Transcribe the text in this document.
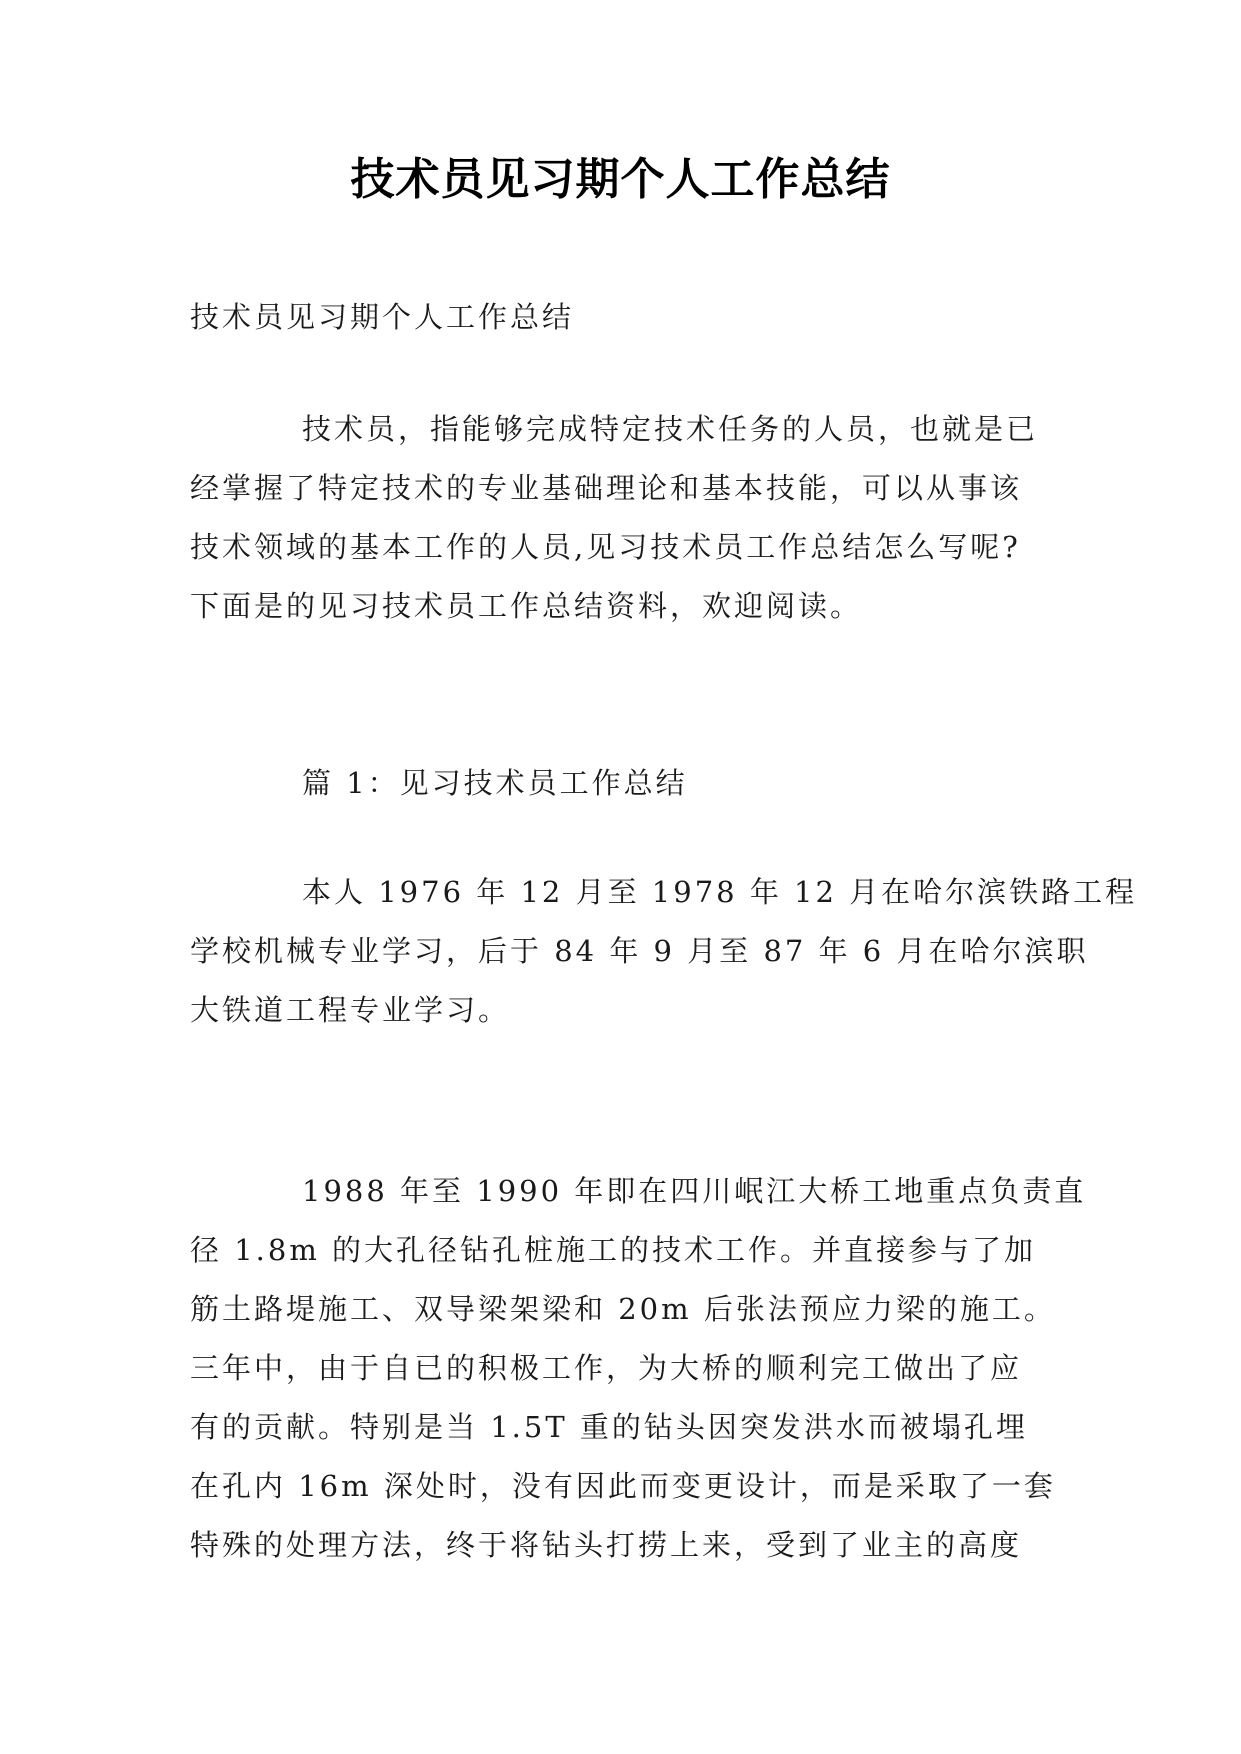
技术员见习期个人工作总结

技术员见习期个人工作总结

技术员，指能够完成特定技术任务的人员，也就是已
经掌握了特定技术的专业基础理论和基本技能，可以从事该
技术领域的基本工作的人员,见习技术员工作总结怎么写呢?
下面是的见习技术员工作总结资料，欢迎阅读。

篇 1：见习技术员工作总结

本人 1976 年 12 月至 1978 年 12 月在哈尔滨铁路工程
学校机械专业学习，后于 84 年 9 月至 87 年 6 月在哈尔滨职
大铁道工程专业学习。

1988 年至 1990 年即在四川岷江大桥工地重点负责直
径 1.8m 的大孔径钻孔桩施工的技术工作。并直接参与了加
筋土路堤施工、双导梁架梁和 20m 后张法预应力梁的施工。
三年中，由于自已的积极工作，为大桥的顺利完工做出了应
有的贡献。特别是当 1.5T 重的钻头因突发洪水而被塌孔埋
在孔内 16m 深处时，没有因此而变更设计，而是采取了一套
特殊的处理方法，终于将钻头打捞上来，受到了业主的高度
